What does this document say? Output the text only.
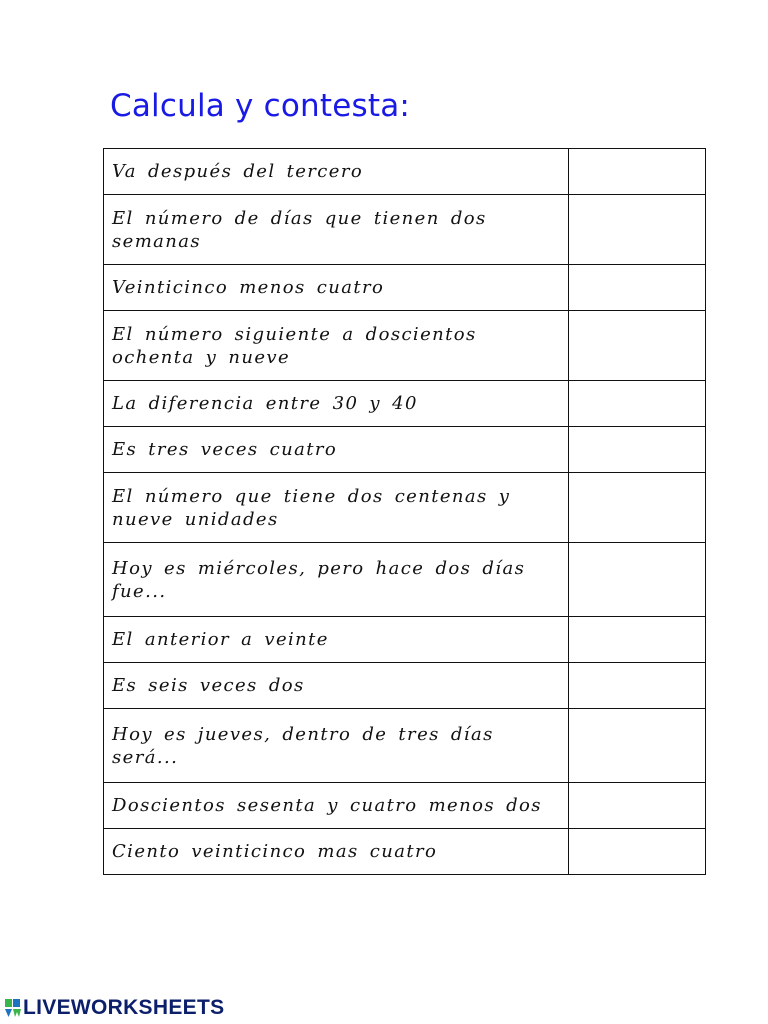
Calcula y contesta:
Va después del tercero	

El número de días que tienen dos semanas	

Veinticinco menos cuatro	

El número siguiente a doscientos ochenta y nueve	

La diferencia entre 30 y 40	

Es tres veces cuatro	

El número que tiene dos centenas y nueve unidades	

Hoy es miércoles, pero hace dos días fue...	

El anterior a veinte	

Es seis veces dos	

Hoy es jueves, dentro de tres días será...	

Doscientos sesenta y cuatro menos dos	

Ciento veinticinco mas cuatro	

LIVEWORKSHEETS
